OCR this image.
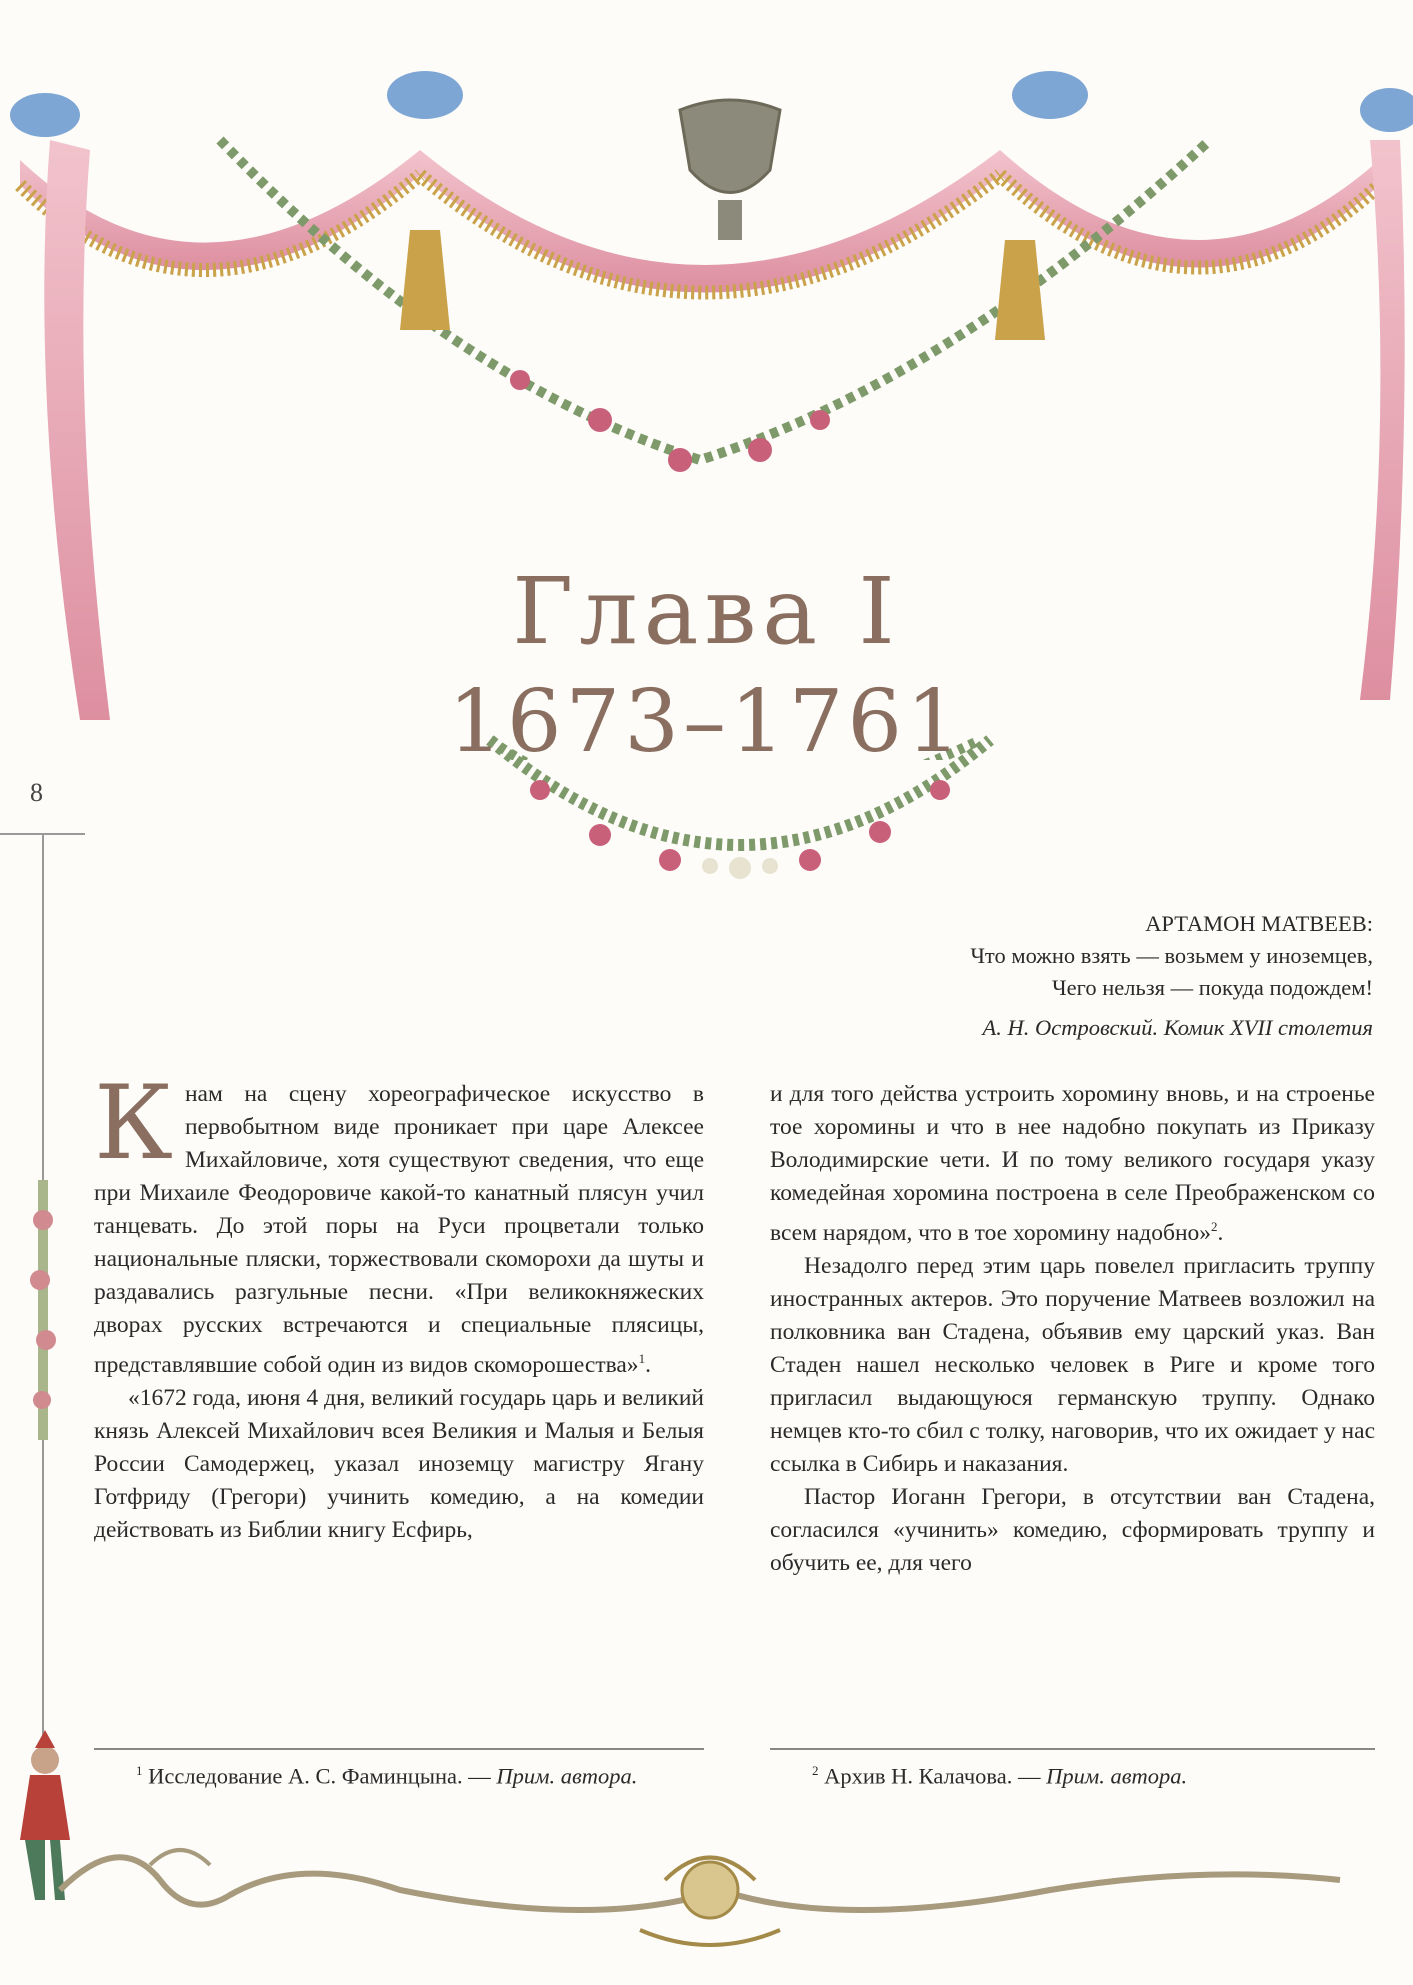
Глава I
1673–1761
8

АРТАМОН МАТВЕЕВ:

Что можно взять — возьмем у иноземцев,

Чего нельзя — покуда подождем!

А. Н. Островский. Комик XVII столетия

Кнам на сцену хореографическое искусство в первобытном виде проникает при царе Алексее Михайловиче, хотя существуют сведения, что еще при Михаиле Феодоровиче какой-то канатный плясун учил танцевать. До этой поры на Руси процветали только национальные пляски, торжествовали скоморохи да шуты и раздавались разгульные песни. «При великокняжеских дворах русских встречаются и специальные плясицы, представлявшие собой один из видов скоморошества»$^1$.

«1672 года, июня 4 дня, великий государь царь и великий князь Алексей Михайлович всея Великия и Малыя и Белыя России Самодержец, указал иноземцу магистру Ягану Готфриду (Грегори) учинить комедию, а на комедии действовать из Библии книгу Есфирь,

и для того действа устроить хоромину вновь, и на строенье тое хоромины и что в нее надобно покупать из Приказу Володимирские чети. И по тому великого государя указу комедейная хоромина построена в селе Преображенском со всем нарядом, что в тое хоромину надобно»$^2$.

Незадолго перед этим царь повелел пригласить труппу иностранных актеров. Это поручение Матвеев возложил на полковника ван Стадена, объявив ему царский указ. Ван Стаден нашел несколько человек в Риге и кроме того пригласил выдающуюся германскую труппу. Однако немцев кто-то сбил с толку, наговорив, что их ожидает у нас ссылка в Сибирь и наказания.

Пастор Иоганн Грегори, в отсутствии ван Стадена, согласился «учинить» комедию, сформировать труппу и обучить ее, для чего

$^1$ Исследование А. С. Фаминцына. — Прим. автора.	$^2$ Архив Н. Калачова. — Прим. автора.
